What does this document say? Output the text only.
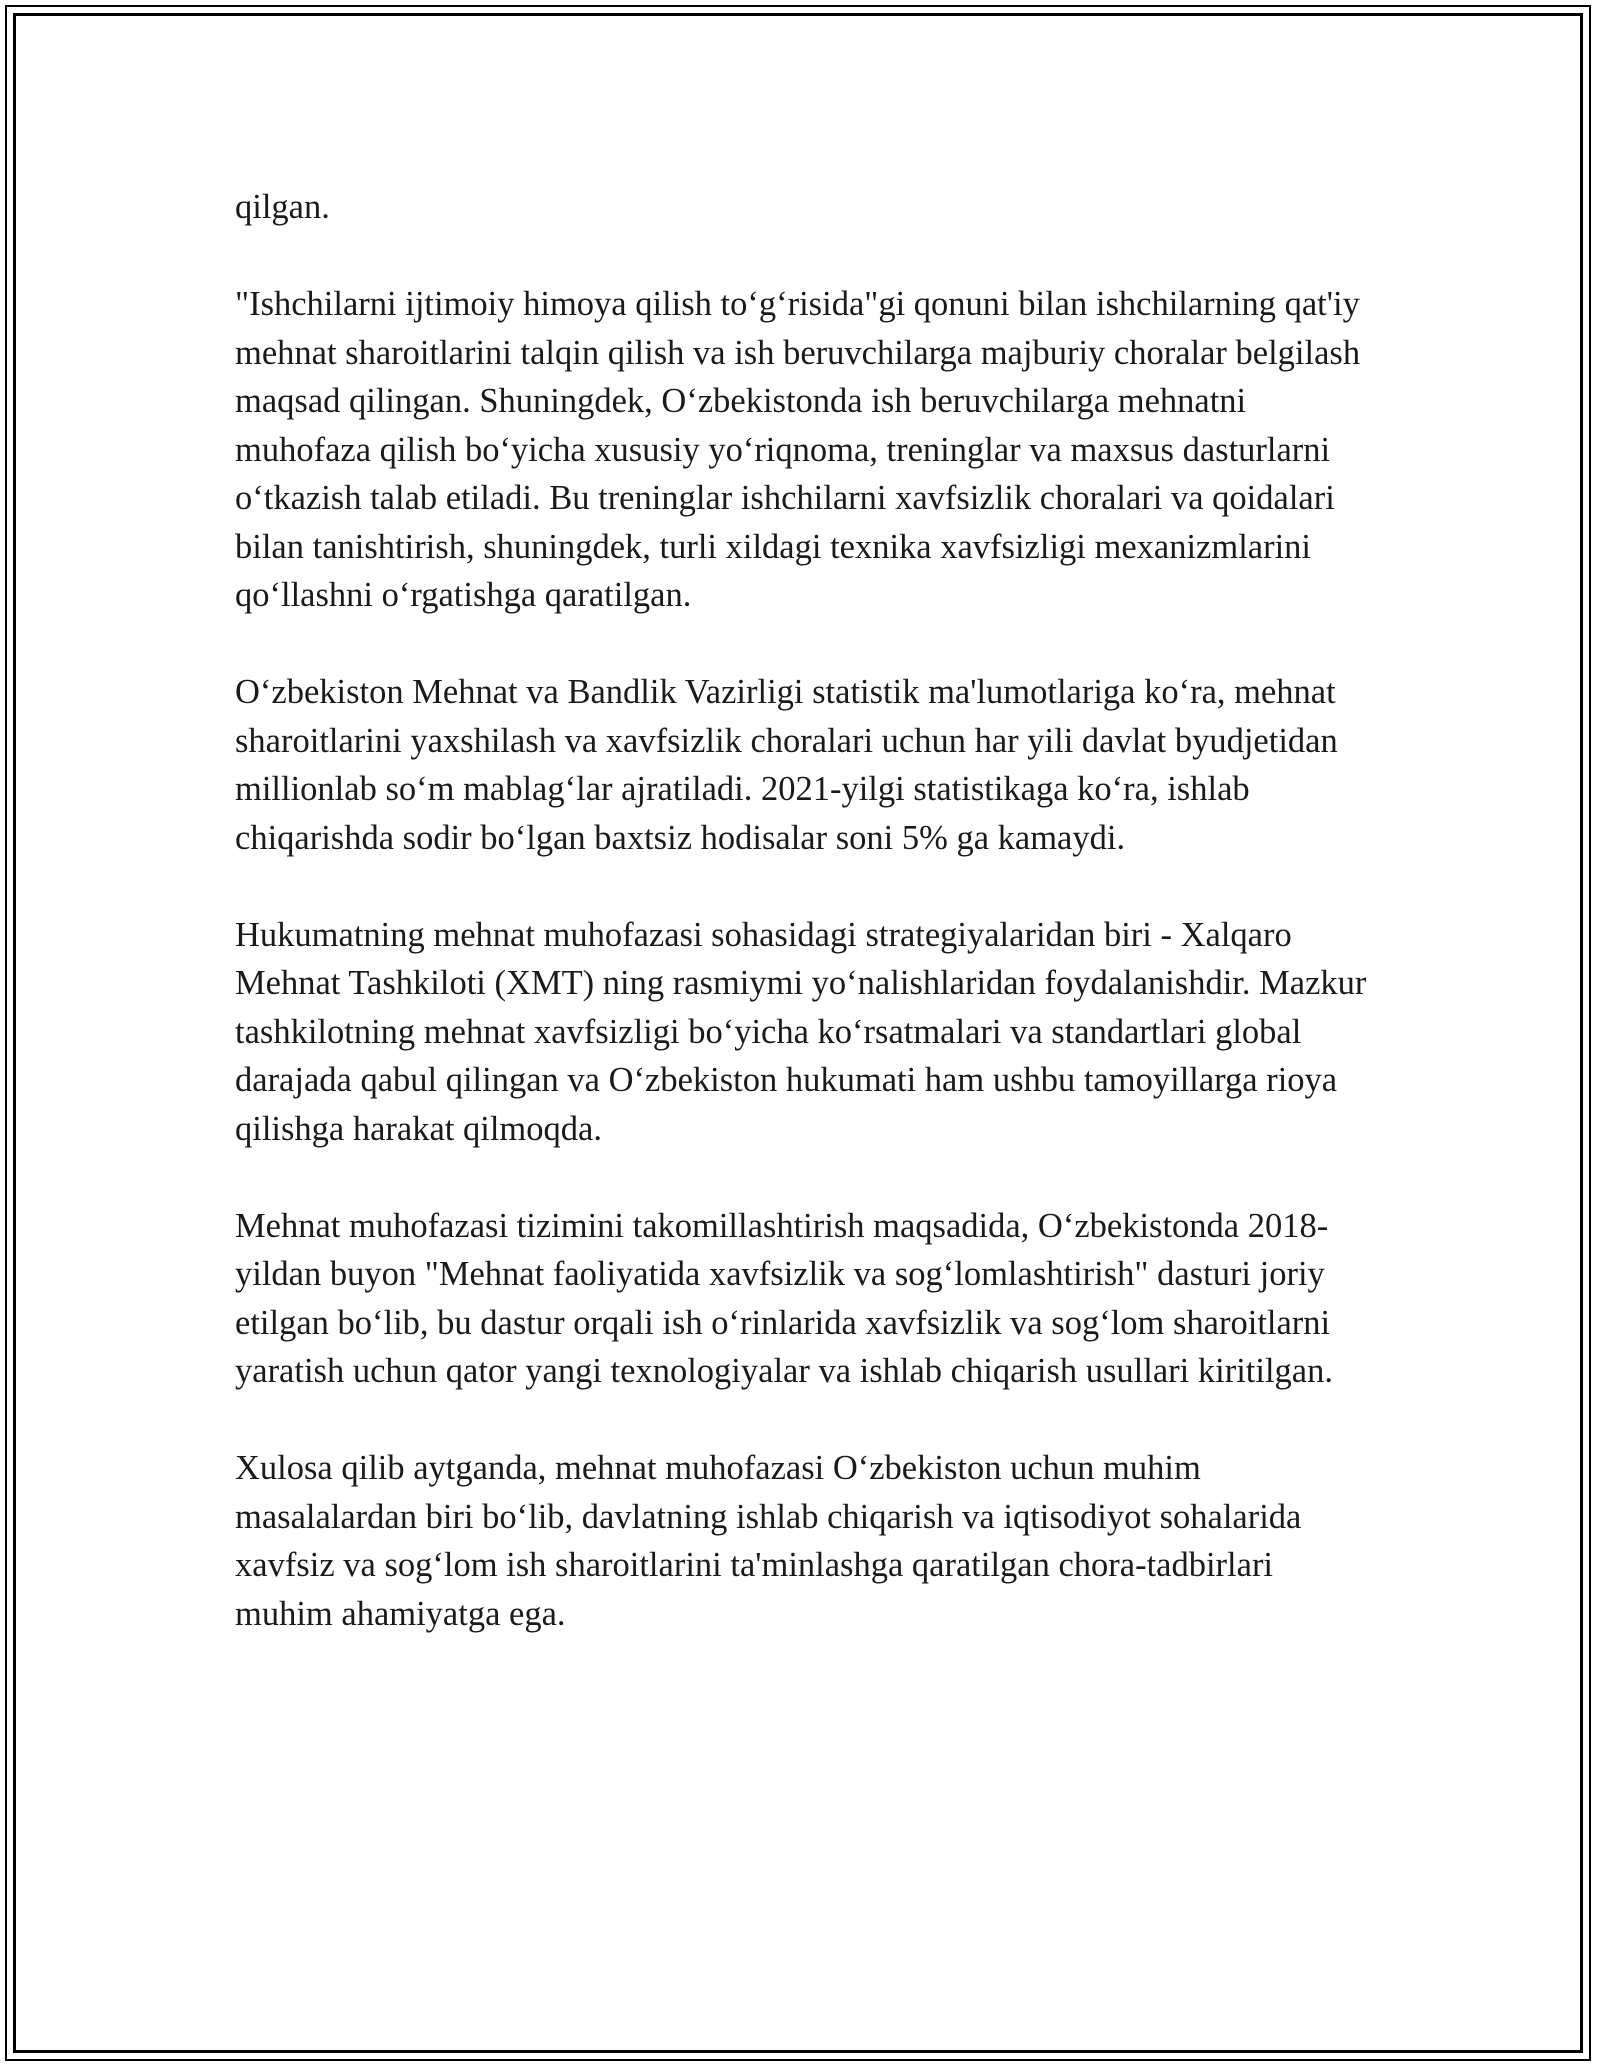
qilgan.

"Ishchilarni ijtimoiy himoya qilish toʻgʻrisida"gi qonuni bilan ishchilarning qat'iy mehnat sharoitlarini talqin qilish va ish beruvchilarga majburiy choralar belgilash maqsad qilingan. Shuningdek, Oʻzbekistonda ish beruvchilarga mehnatni muhofaza qilish boʻyicha xususiy yoʻriqnoma, treninglar va maxsus dasturlarni oʻtkazish talab etiladi. Bu treninglar ishchilarni xavfsizlik choralari va qoidalari bilan tanishtirish, shuningdek, turli xildagi texnika xavfsizligi mexanizmlarini qoʻllashni oʻrgatishga qaratilgan.

Oʻzbekiston Mehnat va Bandlik Vazirligi statistik ma'lumotlariga koʻra, mehnat sharoitlarini yaxshilash va xavfsizlik choralari uchun har yili davlat byudjetidan millionlab soʻm mablagʻlar ajratiladi. 2021-yilgi statistikaga koʻra, ishlab chiqarishda sodir boʻlgan baxtsiz hodisalar soni 5% ga kamaydi.

Hukumatning mehnat muhofazasi sohasidagi strategiyalaridan biri - Xalqaro Mehnat Tashkiloti (XMT) ning rasmiymi yoʻnalishlaridan foydalanishdir. Mazkur tashkilotning mehnat xavfsizligi boʻyicha koʻrsatmalari va standartlari global darajada qabul qilingan va Oʻzbekiston hukumati ham ushbu tamoyillarga rioya qilishga harakat qilmoqda.

Mehnat muhofazasi tizimini takomillashtirish maqsadida, Oʻzbekistonda 2018-yildan buyon "Mehnat faoliyatida xavfsizlik va sogʻlomlashtirish" dasturi joriy etilgan boʻlib, bu dastur orqali ish oʻrinlarida xavfsizlik va sogʻlom sharoitlarni yaratish uchun qator yangi texnologiyalar va ishlab chiqarish usullari kiritilgan.

Xulosa qilib aytganda, mehnat muhofazasi Oʻzbekiston uchun muhim masalalardan biri boʻlib, davlatning ishlab chiqarish va iqtisodiyot sohalarida xavfsiz va sogʻlom ish sharoitlarini ta'minlashga qaratilgan chora-tadbirlari muhim ahamiyatga ega.
